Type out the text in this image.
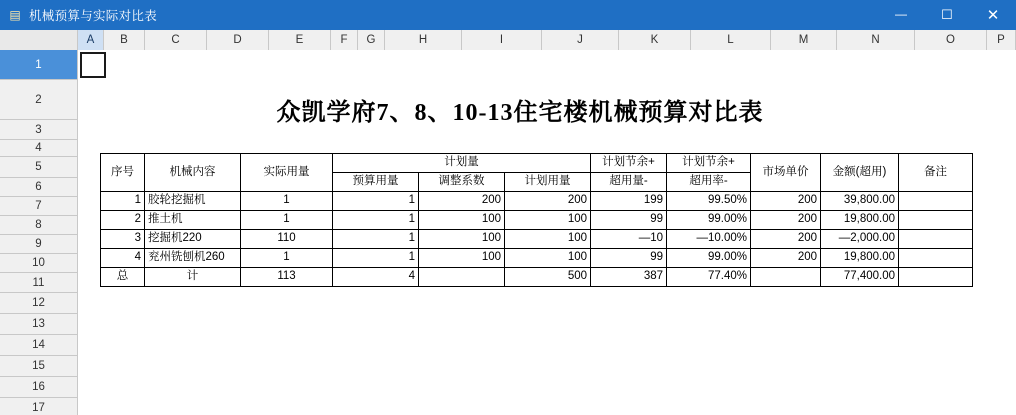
▤ 机械预算与实际对比表	—	☐	✕
A	B	C	D	E	F	G	H	I	J	K	L	M	N	O	P
1
2
3
4
5
6
7
8
9
10
11
12
13
14
15
16
17
众凯学府7、8、10-13住宅楼机械预算对比表
序号	机械内容	实际用量	计划量			计划节余+	计划节余+	市场单价	金额(超用)	备注
			预算用量	调整系数	计划用量	超用量-	超用率-			
1	胶轮挖掘机	1	1	200	200	199	99.50%	200	39,800.00	
2	推土机	1	1	100	100	99	99.00%	200	19,800.00	
3	挖掘机220	110	1	100	100	—10	—10.00%	200	—2,000.00	
4	兖州铣刨机260	1	1	100	100	99	99.00%	200	19,800.00	
总	计	113	4		500	387	77.40%		77,400.00	
